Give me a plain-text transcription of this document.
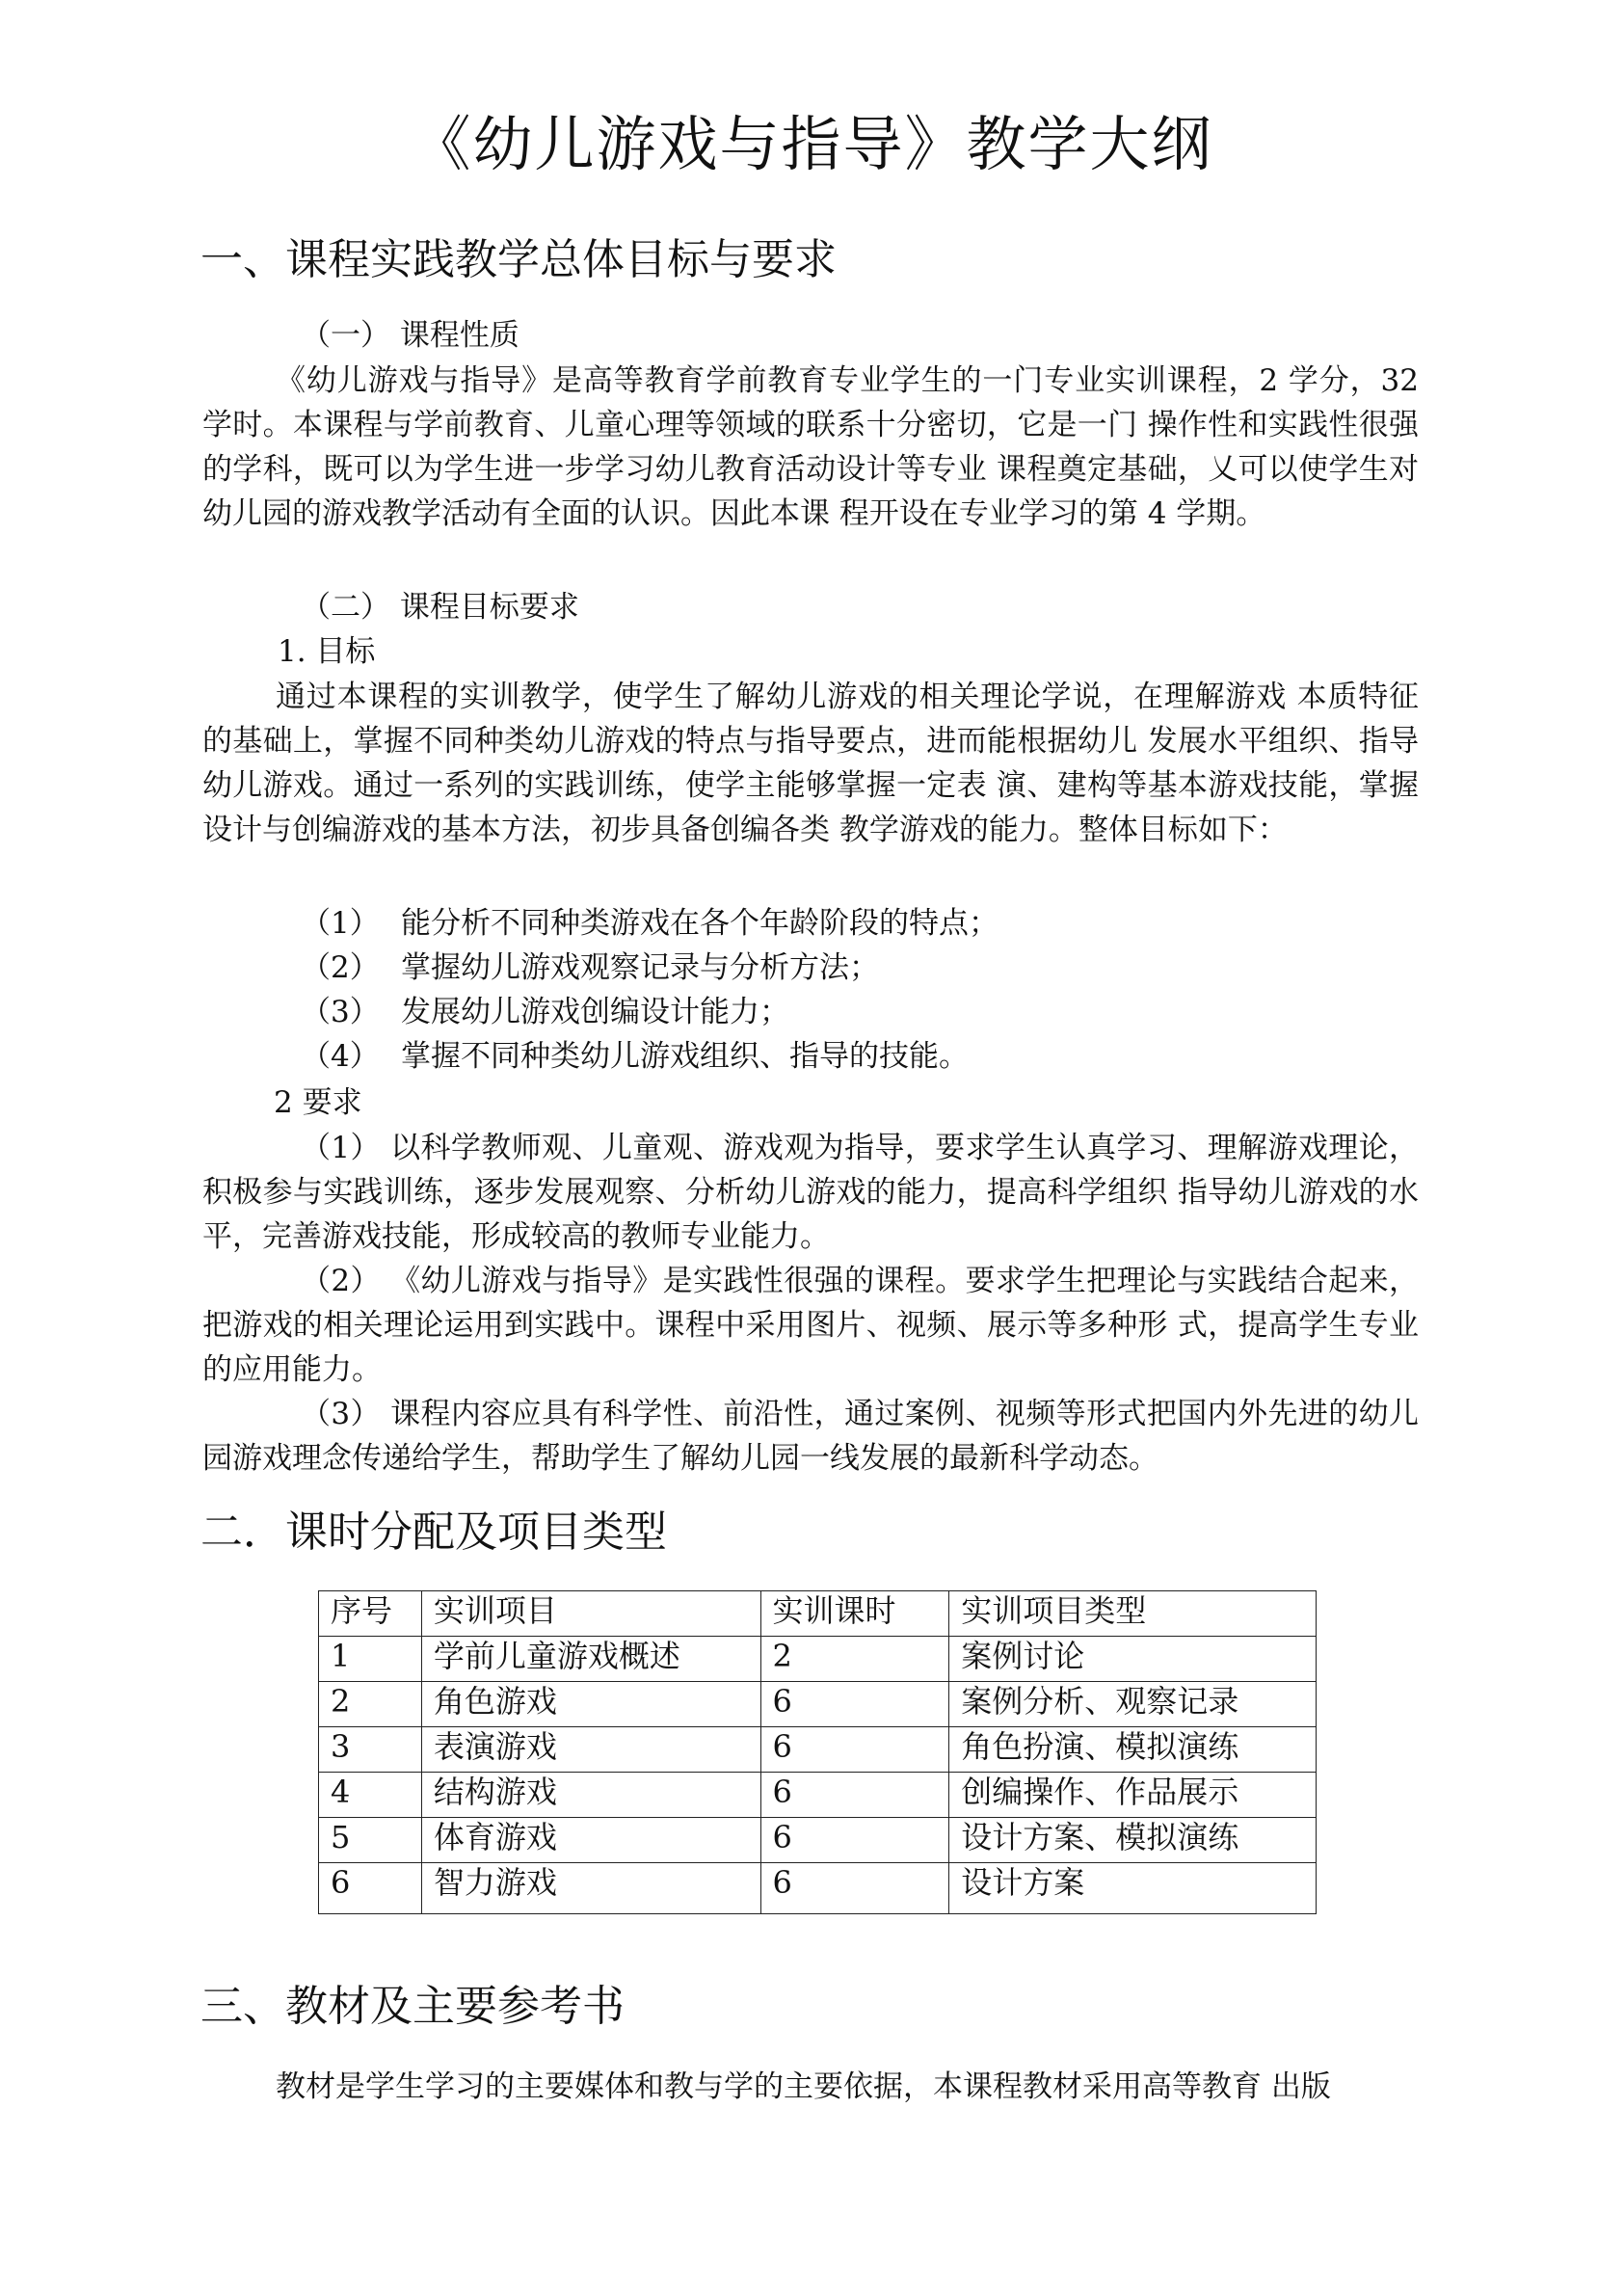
《幼儿游戏与指导》教学大纲
一、课程实践教学总体目标与要求
（一） 课程性质
《幼儿游戏与指导》是高等教育学前教育专业学生的一门专业实训课程，2 学分，32 学时。本课程与学前教育、儿童心理等领域的联系十分密切，它是一门 操作性和实践性很强的学科，既可以为学生进一步学习幼儿教育活动设计等专业 课程奠定基础，乂可以使学生对幼儿园的游戏教学活动有全面的认识。因此本课 程开设在专业学习的第 4 学期。
（二） 课程目标要求
1. 目标
通过本课程的实训教学，使学生了解幼儿游戏的相关理论学说，在理解游戏 本质特征的基础上，掌握不同种类幼儿游戏的特点与指导要点，进而能根据幼儿 发展水平组织、指导幼儿游戏。通过一系列的实践训练，使学主能够掌握一定表 演、建构等基本游戏技能，掌握设计与创编游戏的基本方法，初步具备创编各类 教学游戏的能力。整体目标如下：
（1） 能分析不同种类游戏在各个年龄阶段的特点；
（2） 掌握幼儿游戏观察记录与分析方法；
（3） 发展幼儿游戏创编设计能力；
（4） 掌握不同种类幼儿游戏组织、指导的技能。
2 要求
（1） 以科学教师观、儿童观、游戏观为指导，要求学生认真学习、理解游戏理论，积极参与实践训练，逐步发展观察、分析幼儿游戏的能力，提高科学组织 指导幼儿游戏的水平，完善游戏技能，形成较高的教师专业能力。
（2） 《幼儿游戏与指导》是实践性很强的课程。要求学生把理论与实践结合起来，把游戏的相关理论运用到实践中。课程中采用图片、视频、展示等多种形 式，提高学生专业的应用能力。
（3） 课程内容应具有科学性、前沿性，通过案例、视频等形式把国内外先进的幼儿园游戏理念传递给学生，帮助学生了解幼儿园一线发展的最新科学动态。
二．课时分配及项目类型
序号	实训项目	实训课时	实训项目类型
1	学前儿童游戏概述	2	案例讨论
2	角色游戏	6	案例分析、观察记录
3	表演游戏	6	角色扮演、模拟演练
4	结构游戏	6	创编操作、作品展示
5	体育游戏	6	设计方案、模拟演练
6	智力游戏	6	设计方案
三、教材及主要参考书
教材是学生学习的主要媒体和教与学的主要依据，本课程教材采用高等教育 出版
